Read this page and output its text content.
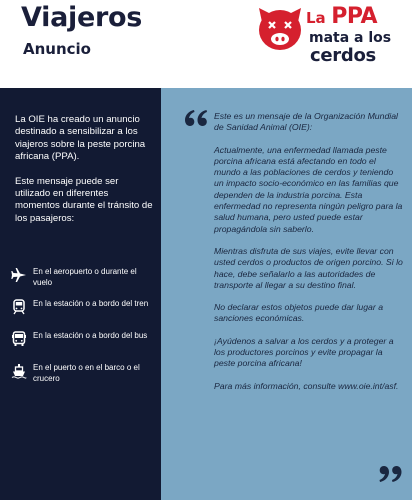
Viajeros
Anuncio
La PPA
mata a los
cerdos

La OIE ha creado un anuncio destinado a sensibilizar a los viajeros sobre la peste porcina africana (PPA).

Este mensaje puede ser utilizado en diferentes momentos durante el tránsito de los pasajeros:

En el aeropuerto o durante el vuelo
En la estación o a bordo del tren
En la estación o a bordo del bus
En el puerto o en el barco o el crucero

Este es un mensaje de la Organización Mundial de Sanidad Animal (OIE):

Actualmente, una enfermedad llamada peste porcina africana está afectando en todo el mundo a las poblaciones de cerdos y teniendo un impacto socio-económico en las familias que dependen de la industria porcina. Esta enfermedad no representa ningún peligro para la salud humana, pero usted puede estar propagándola sin saberlo.

Mientras disfruta de sus viajes, evite llevar con usted cerdos o productos de origen porcino. Si lo hace, debe señalarlo a las autoridades de transporte al llegar a su destino final.

No declarar estos objetos puede dar lugar a sanciones económicas.

¡Ayúdenos a salvar a los cerdos y a proteger a los productores porcinos y evite propagar la peste porcina africana!

Para más información, consulte www.oie.int/asf.
